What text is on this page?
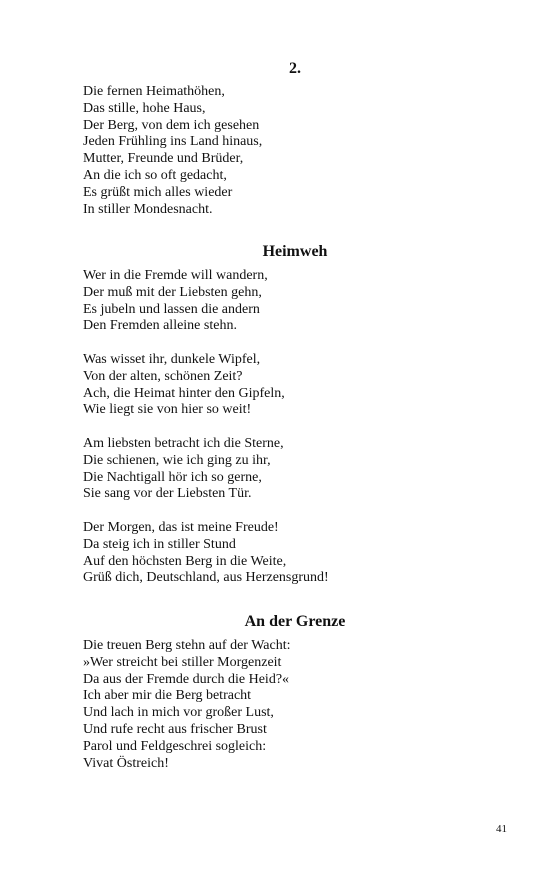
2.
Die fernen Heimathöhen,
Das stille, hohe Haus,
Der Berg, von dem ich gesehen
Jeden Frühling ins Land hinaus,
Mutter, Freunde und Brüder,
An die ich so oft gedacht,
Es grüßt mich alles wieder
In stiller Mondesnacht.
Heimweh
Wer in die Fremde will wandern,
Der muß mit der Liebsten gehn,
Es jubeln und lassen die andern
Den Fremden alleine stehn.
Was wisset ihr, dunkele Wipfel,
Von der alten, schönen Zeit?
Ach, die Heimat hinter den Gipfeln,
Wie liegt sie von hier so weit!
Am liebsten betracht ich die Sterne,
Die schienen, wie ich ging zu ihr,
Die Nachtigall hör ich so gerne,
Sie sang vor der Liebsten Tür.
Der Morgen, das ist meine Freude!
Da steig ich in stiller Stund
Auf den höchsten Berg in die Weite,
Grüß dich, Deutschland, aus Herzensgrund!
An der Grenze
Die treuen Berg stehn auf der Wacht:
»Wer streicht bei stiller Morgenzeit
Da aus der Fremde durch die Heid?«
Ich aber mir die Berg betracht
Und lach in mich vor großer Lust,
Und rufe recht aus frischer Brust
Parol und Feldgeschrei sogleich:
Vivat Östreich!
41
